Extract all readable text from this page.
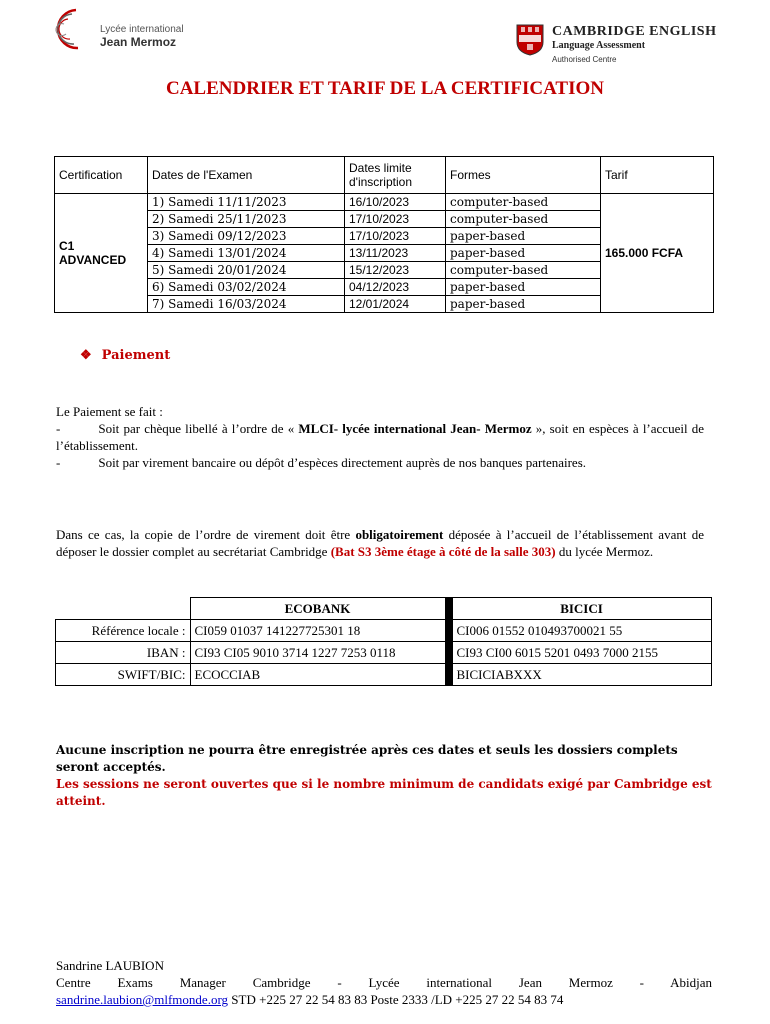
Lycée international
Jean Mermoz
CAMBRIDGE ENGLISH
Language Assessment
Authorised Centre
CALENDRIER ET TARIF DE LA CERTIFICATION
Certification	Dates de l'Examen	Dates limite d'inscription	Formes	Tarif
C1 ADVANCED	1) Samedi 11/11/2023	16/10/2023	computer-based	165.000 FCFA
	2) Samedi 25/11/2023	17/10/2023	computer-based	
	3) Samedi 09/12/2023	17/10/2023	paper-based	
	4) Samedi 13/01/2024	13/11/2023	paper-based	
	5) Samedi 20/01/2024	15/12/2023	computer-based	
	6) Samedi 03/02/2024	04/12/2023	paper-based	
	7) Samedi 16/03/2024	12/01/2024	paper-based	
❖ Paiement
Le Paiement se fait :
-	Soit par chèque libellé à l’ordre de « MLCI- lycée international Jean- Mermoz », soit en espèces à l’accueil de l’établissement.
-	Soit par virement bancaire ou dépôt d’espèces directement auprès de nos banques partenaires.
Dans ce cas, la copie de l’ordre de virement doit être obligatoirement déposée à l’accueil de l’établissement avant de déposer le dossier complet au secrétariat Cambridge (Bat S3 3ème étage à côté de la salle 303) du lycée Mermoz.
	ECOBANK		BICICI
Référence locale :	CI059 01037 141227725301 18		CI006 01552 010493700021 55
IBAN :	CI93 CI05 9010 3714 1227 7253 0118		CI93 CI00 6015 5201 0493 7000 2155
SWIFT/BIC:	ECOCCIAB		BICICIABXXX
Aucune inscription ne pourra être enregistrée après ces dates et seuls les dossiers complets seront acceptés.
Les sessions ne seront ouvertes que si le nombre minimum de candidats exigé par Cambridge est atteint.
Sandrine LAUBION
Centre Exams Manager Cambridge - Lycée international Jean Mermoz - Abidjan
sandrine.laubion@mlfmonde.org STD +225 27 22 54 83 83 Poste 2333 /LD +225 27 22 54 83 74
